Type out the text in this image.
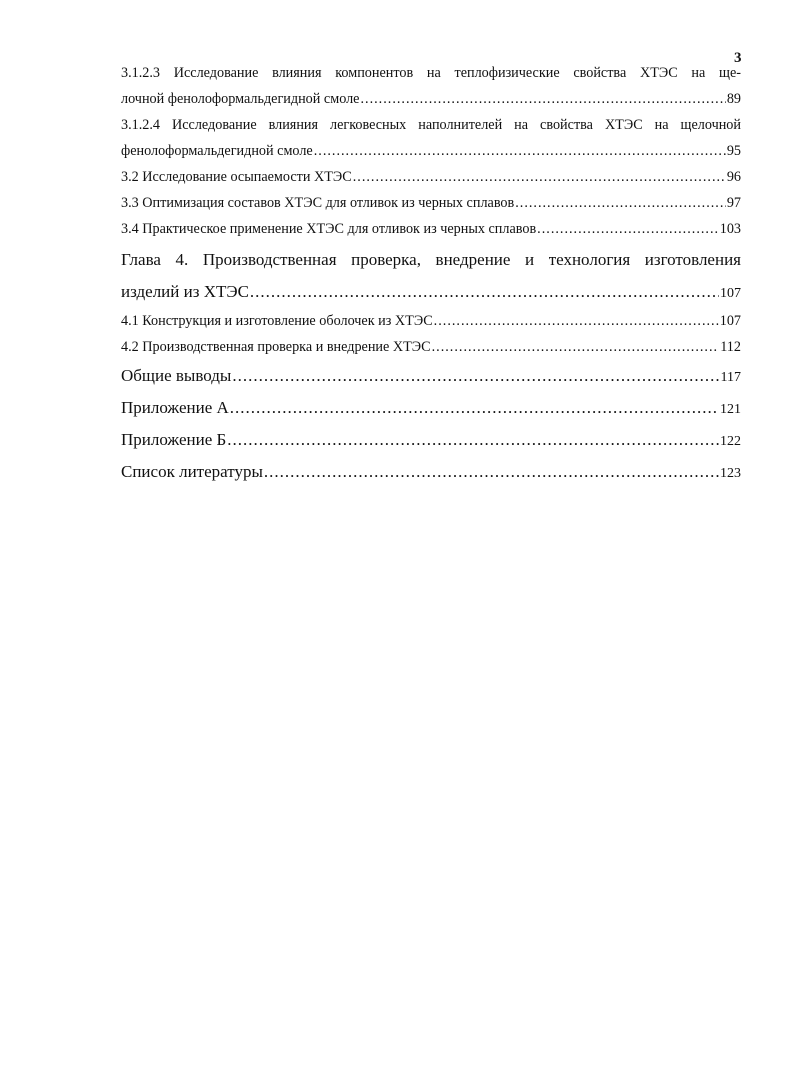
3
3.1.2.3 Исследование влияния компонентов на теплофизические свойства ХТЭС на ще-
лочной фенолоформальдегидной смоле .....	89
3.1.2.4 Исследование влияния легковесных наполнителей на свойства ХТЭС на щелочной
фенолоформальдегидной смоле .....	95
3.2 Исследование осыпаемости ХТЭС .....	96
3.3 Оптимизация составов ХТЭС для отливок из черных сплавов .....	97
3.4 Практическое применение ХТЭС для отливок из черных сплавов .....	103
Глава 4. Производственная проверка, внедрение и технология изготовления
изделий из ХТЭС .....	107
4.1 Конструкция и изготовление оболочек из ХТЭС .....	107
4.2 Производственная проверка и внедрение ХТЭС .....	112
Общие выводы .....	117
Приложение А .....	121
Приложение Б .....	122
Список литературы .....	123
